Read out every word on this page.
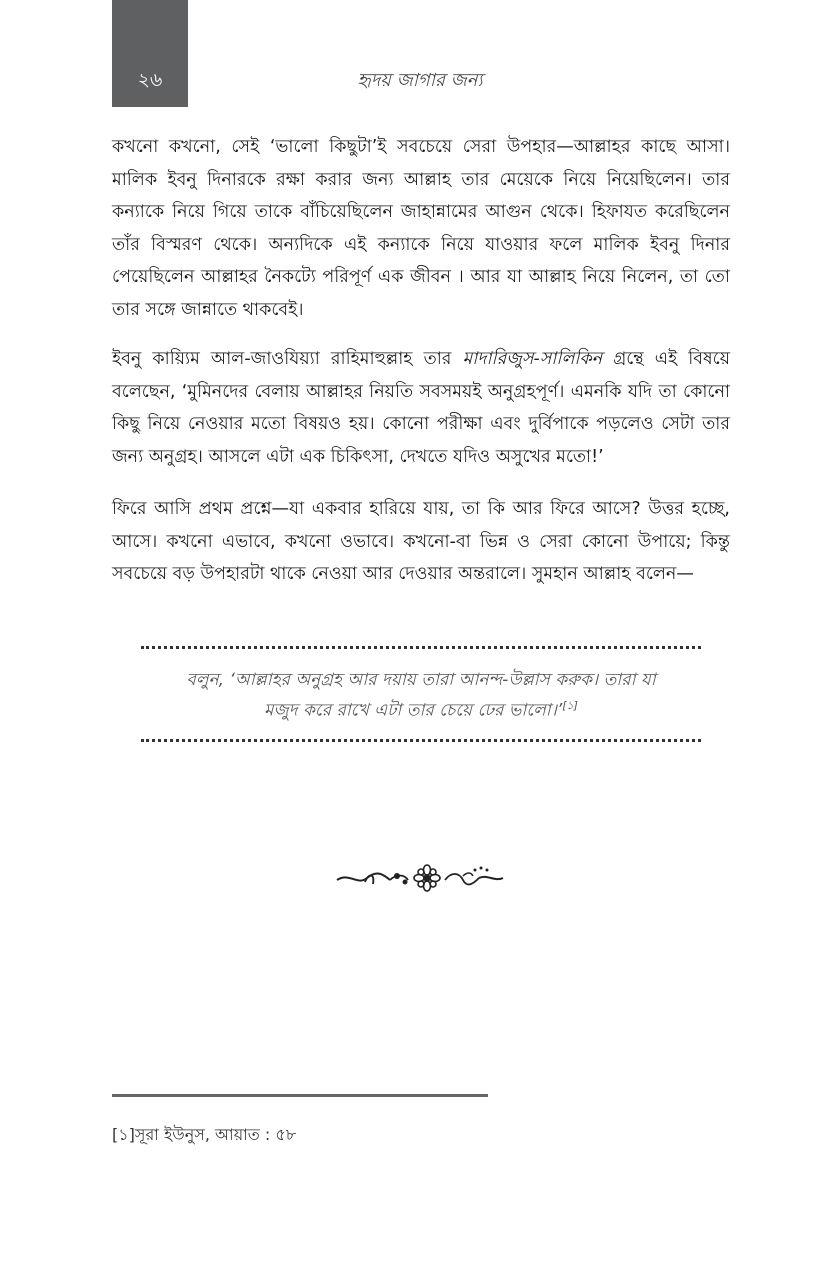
২৬	হৃদয় জাগার জন্য

কখনো কখনো, সেই ‘ভালো কিছুটা’ই সবচেয়ে সেরা উপহার—আল্লাহর কাছে আসা। মালিক ইবনু দিনারকে রক্ষা করার জন্য আল্লাহ তার মেয়েকে নিয়ে নিয়েছিলেন। তার কন্যাকে নিয়ে গিয়ে তাকে বাঁচিয়েছিলেন জাহান্নামের আগুন থেকে। হিফাযত করেছিলেন তাঁর বিস্মরণ থেকে। অন্যদিকে এই কন্যাকে নিয়ে যাওয়ার ফলে মালিক ইবনু দিনার পেয়েছিলেন আল্লাহর নৈকট্যে পরিপূর্ণ এক জীবন । আর যা আল্লাহ নিয়ে নিলেন, তা তো তার সঙ্গে জান্নাতে থাকবেই।

ইবনু কায়্যিম আল-জাওযিয়্যা রাহিমাহুল্লাহ তার মাদারিজুস-সালিকিন গ্রন্থে এই বিষয়ে বলেছেন, ‘মুমিনদের বেলায় আল্লাহর নিয়তি সবসময়ই অনুগ্রহপূর্ণ। এমনকি যদি তা কোনো কিছু নিয়ে নেওয়ার মতো বিষয়ও হয়। কোনো পরীক্ষা এবং দুর্বিপাকে পড়লেও সেটা তার জন্য অনুগ্রহ। আসলে এটা এক চিকিৎসা, দেখতে যদিও অসুখের মতো!’

ফিরে আসি প্রথম প্রশ্নে—যা একবার হারিয়ে যায়, তা কি আর ফিরে আসে? উত্তর হচ্ছে, আসে। কখনো এভাবে, কখনো ওভাবে। কখনো-বা ভিন্ন ও সেরা কোনো উপায়ে; কিন্তু সবচেয়ে বড় উপহারটা থাকে নেওয়া আর দেওয়ার অন্তরালে। সুমহান আল্লাহ বলেন—

বলুন, ‘আল্লাহর অনুগ্রহ আর দয়ায় তারা আনন্দ-উল্লাস করুক। তারা যা
মজুদ করে রাখে এটা তার চেয়ে ঢের ভালো।’[১]
[১]সূরা ইউনুস, আয়াত : ৫৮
